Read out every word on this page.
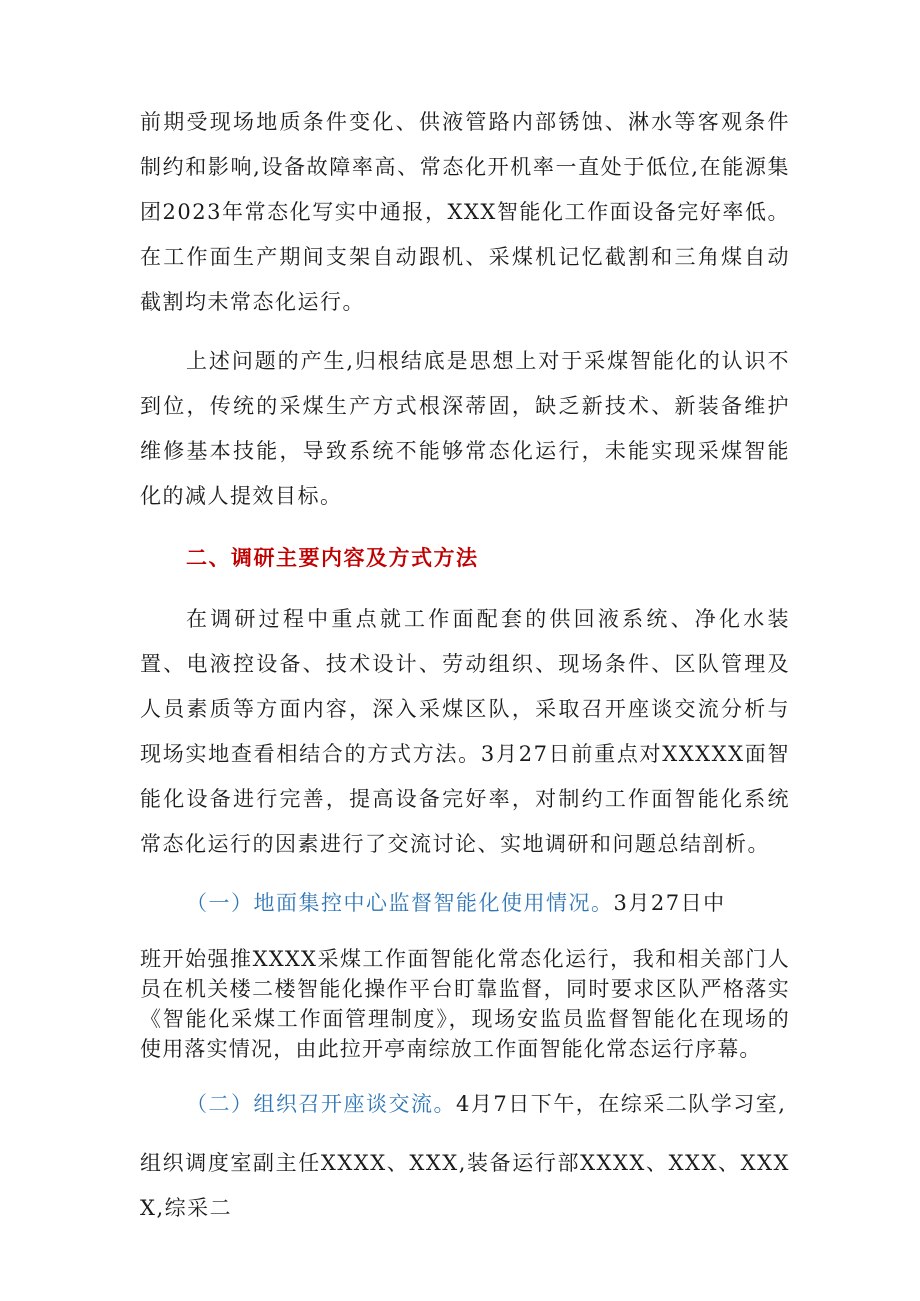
前期受现场地质条件变化、供液管路内部锈蚀、淋水等客观条件制约和影响,设备故障率高、常态化开机率一直处于低位,在能源集团2023年常态化写实中通报，XXX智能化工作面设备完好率低。在工作面生产期间支架自动跟机、采煤机记忆截割和三角煤自动截割均未常态化运行。

上述问题的产生,归根结底是思想上对于采煤智能化的认识不到位，传统的采煤生产方式根深蒂固，缺乏新技术、新装备维护维修基本技能，导致系统不能够常态化运行，未能实现采煤智能化的减人提效目标。

二、调研主要内容及方式方法

在调研过程中重点就工作面配套的供回液系统、净化水装置、电液控设备、技术设计、劳动组织、现场条件、区队管理及人员素质等方面内容，深入采煤区队，采取召开座谈交流分析与现场实地查看相结合的方式方法。3月27日前重点对XXXXX面智能化设备进行完善，提高设备完好率，对制约工作面智能化系统常态化运行的因素进行了交流讨论、实地调研和问题总结剖析。

（一）地面集控中心监督智能化使用情况。3月27日中

班开始强推XXXX采煤工作面智能化常态化运行，我和相关部门人员在机关楼二楼智能化操作平台盯靠监督，同时要求区队严格落实《智能化采煤工作面管理制度》，现场安监员监督智能化在现场的使用落实情况，由此拉开亭南综放工作面智能化常态运行序幕。

（二）组织召开座谈交流。4月7日下午，在综采二队学习室,

组织调度室副主任XXXX、XXX,装备运行部XXXX、XXX、XXXX,综采二
